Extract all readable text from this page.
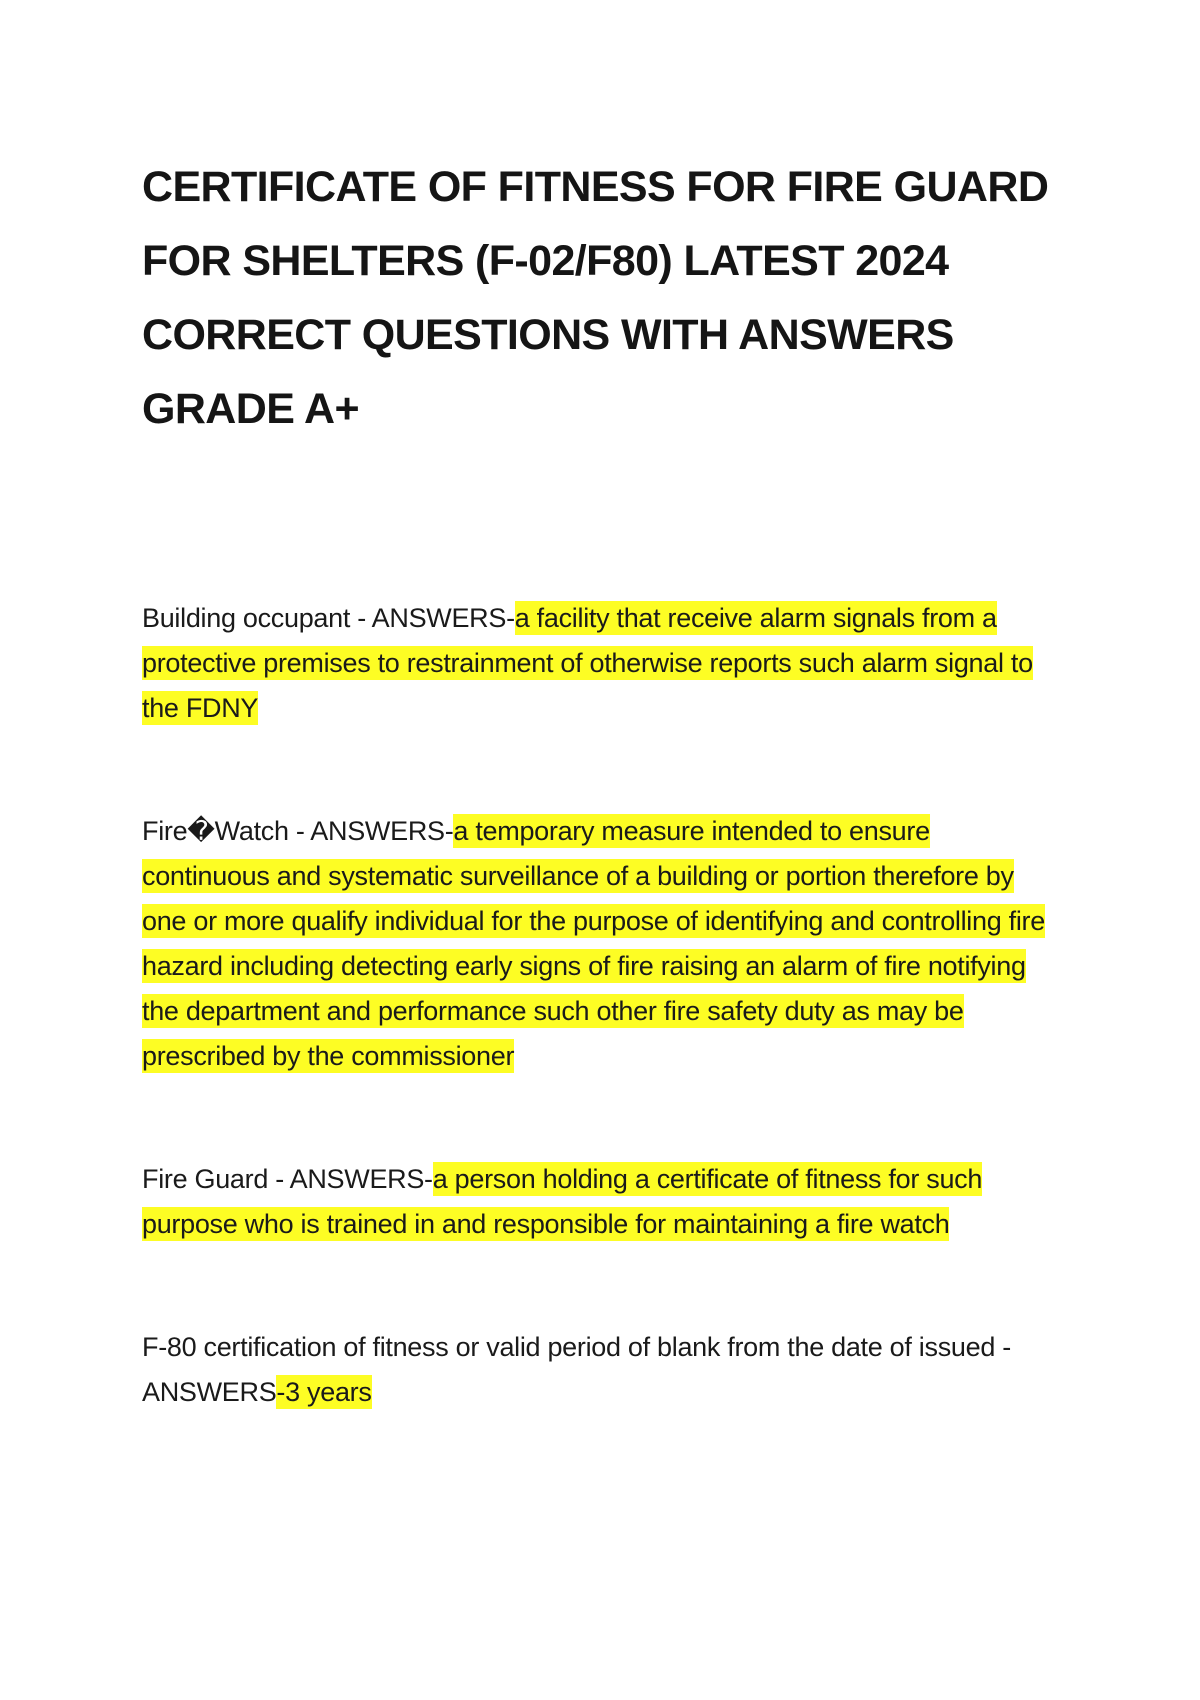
CERTIFICATE OF FITNESS FOR FIRE GUARD FOR SHELTERS (F-02/F80) LATEST 2024 CORRECT QUESTIONS WITH ANSWERS GRADE A+

Building occupant - ANSWERS-a facility that receive alarm signals from a protective premises to restrainment of otherwise reports such alarm signal to the FDNY

Fire�Watch - ANSWERS-a temporary measure intended to ensure continuous and systematic surveillance of a building or portion therefore by one or more qualify individual for the purpose of identifying and controlling fire hazard including detecting early signs of fire raising an alarm of fire notifying the department and performance such other fire safety duty as may be prescribed by the commissioner

Fire Guard - ANSWERS-a person holding a certificate of fitness for such purpose who is trained in and responsible for maintaining a fire watch

F-80 certification of fitness or valid period of blank from the date of issued - ANSWERS-3 years
